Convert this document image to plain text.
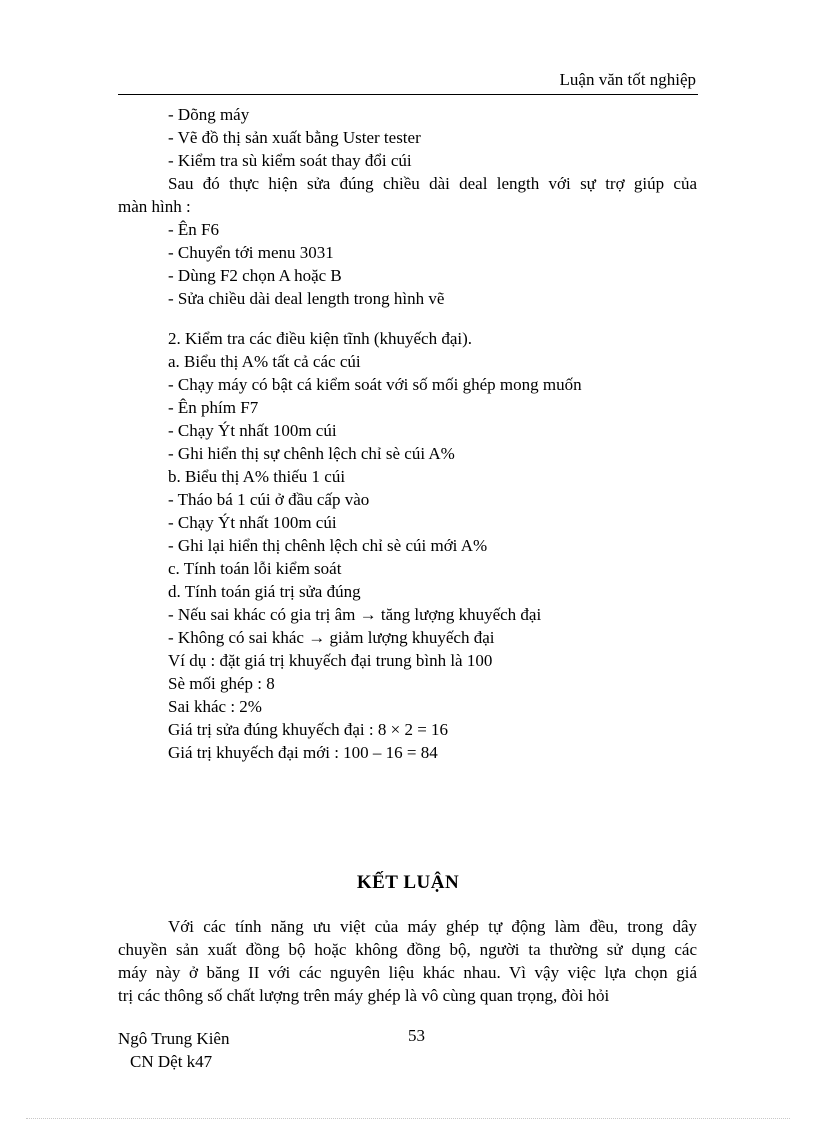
Luận văn tốt nghiệp
- Dõng máy
- Vẽ đồ thị sản xuất bằng Uster tester
- Kiểm tra sù kiểm soát thay đổi cúi
Sau đó thực hiện sửa đúng chiều dài deal length với sự trợ giúp của
màn hình :
- Ên F6
- Chuyển tới menu 3031
- Dùng F2 chọn A hoặc B
- Sửa chiều dài deal length trong hình vẽ
2. Kiểm tra các điều kiện tĩnh (khuyếch đại).
a. Biểu thị A% tất cả các cúi
- Chạy máy có bật cá kiểm soát với số mối ghép mong muốn
- Ên phím F7
- Chạy Ýt nhất 100m cúi
- Ghi hiển thị sự chênh lệch chỉ sè cúi A%
b. Biểu thị A% thiếu 1 cúi
- Tháo bá 1 cúi ở đầu cấp vào
- Chạy Ýt nhất 100m cúi
- Ghi lại hiển thị chênh lệch chỉ sè cúi mới A%
c. Tính toán lỗi kiểm soát
d. Tính toán giá trị sửa đúng
- Nếu sai khác có gia trị âm → tăng lượng khuyếch đại
- Không có sai khác → giảm lượng khuyếch đại
Ví dụ : đặt giá trị khuyếch đại trung bình là 100
Sè mối ghép : 8
Sai khác : 2%
Giá trị sửa đúng khuyếch đại : 8 × 2 = 16
Giá trị khuyếch đại mới : 100 – 16 = 84
KẾT LUẬN
Với các tính năng ưu việt của máy ghép tự động làm đều, trong dây
chuyền sản xuất đồng bộ hoặc không đồng bộ, người ta thường sử dụng các
máy này ở băng II với các nguyên liệu khác nhau. Vì vậy việc lựa chọn giá
trị các thông số chất lượng trên máy ghép là vô cùng quan trọng, đòi hỏi
Ngô Trung Kiên	53
CN Dệt k47
